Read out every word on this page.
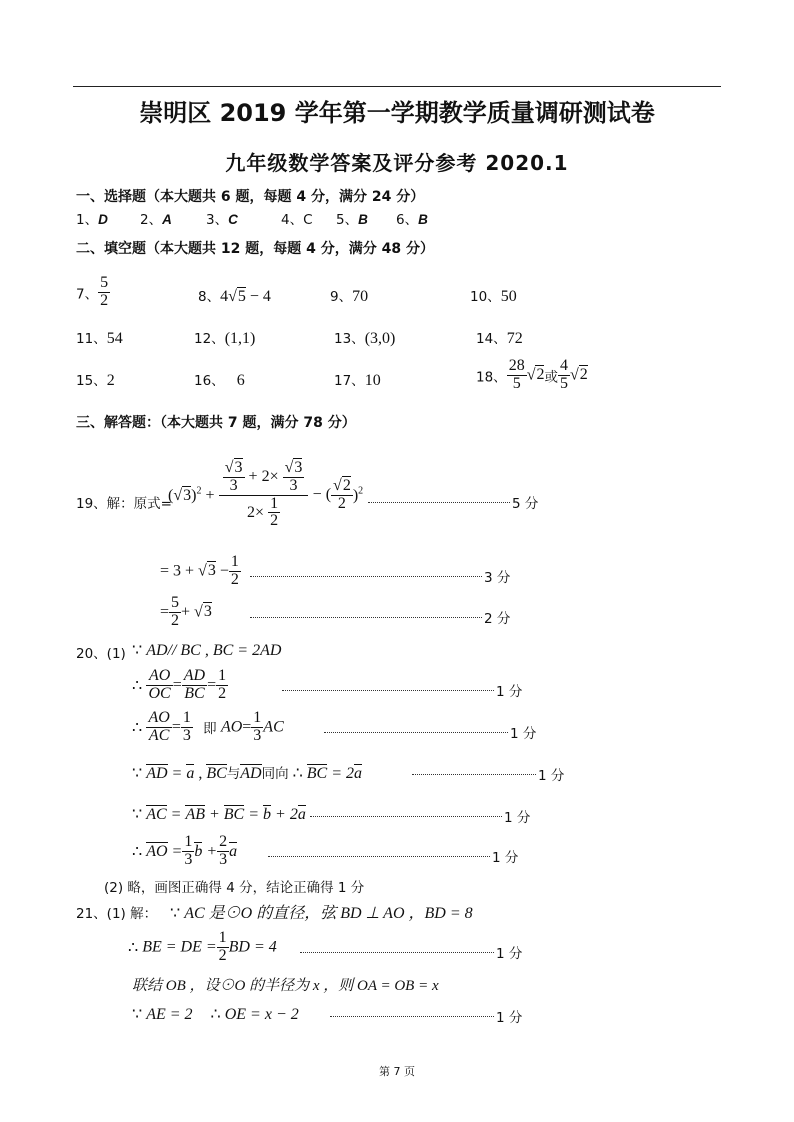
崇明区 2019 学年第一学期教学质量调研测试卷
九年级数学答案及评分参考 2020.1
一、选择题（本大题共 6 题，每题 4 分，满分 24 分）
1、D 2、A	3、C	4、C 5、B 6、B
二、填空题（本大题共 12 题，每题 4 分，满分 48 分）
7、 $\frac{5}{2}$	8、4√5 − 4	9、70	10、50
11、54	12、(1,1)	13、(3,0)	14、72
15、2	16、 6	17、10	18、 $\frac{28}{5} √2$或 $\frac{4}{5} √2$
三、解答题：（本大题共 7 题，满分 78 分）
19、解：原式=
$(√3)^2 + \frac{\frac{√3}{3} + 2\times \frac{√3}{3}}{2\times \frac{1}{2}}$ − ( $\frac{√2}{2} )^2$
5 分
= $3 + √3 - \frac{1}{2}$	3 分
= $\frac{5}{2} + √3$	2 分
20、(1) ∵ AD// BC , BC = 2AD
∴ $\frac{AO}{OC} = \frac{AD}{BC} = \frac{1}{2}$	1 分
∴ $\frac{AO}{AC} = \frac{1}{3}$ 即 $AO= \frac{1}{3}$ AC	1 分
∵ AD = a , BC与AD同向 ∴ BC = 2a	1 分
∵ AC = AB + BC = b + 2a	1 分
∴ AO = $\frac{1}{3}$ $b + \frac{2}{3}$ a	1 分
(2) 略，画图正确得 4 分，结论正确得 1 分
21、(1) 解： ∵ AC 是⊙O 的直径，弦 BD ⊥ AO ，BD = 8
∴ BE = DE = $\frac{1}{2}$ BD = 4	1 分
联结 OB ，设⊙O 的半径为 x ，则 OA = OB = x
∵ AE = 2 ∴ OE = x − 2	1 分
第 7 页
